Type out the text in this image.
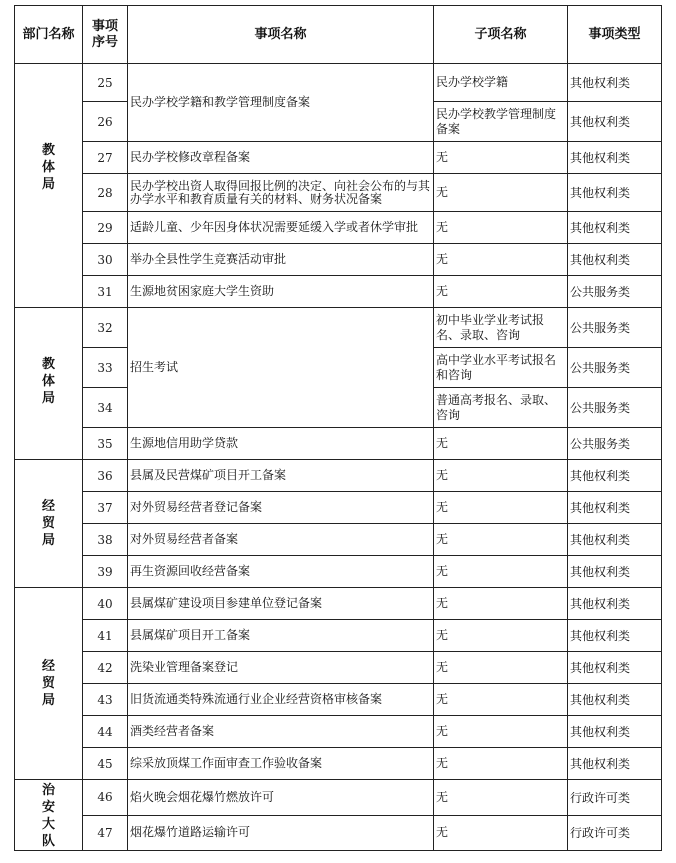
部门名称	事项序号	事项名称	子项名称	事项类型
教体局	25	民办学校学籍和教学管理制度备案	民办学校学籍	其他权利类
	26		民办学校教学管理制度备案	其他权利类
	27	民办学校修改章程备案	无	其他权利类
	28	民办学校出资人取得回报比例的决定、向社会公布的与其办学水平和教育质量有关的材料、财务状况备案	无	其他权利类
	29	适龄儿童、少年因身体状况需要延缓入学或者休学审批	无	其他权利类
	30	举办全县性学生竞赛活动审批	无	其他权利类
	31	生源地贫困家庭大学生资助	无	公共服务类
教体局	32	招生考试	初中毕业学业考试报名、录取、咨询	公共服务类
	33		高中学业水平考试报名和咨询	公共服务类
	34		普通高考报名、录取、咨询	公共服务类
	35	生源地信用助学贷款	无	公共服务类
经贸局	36	县属及民营煤矿项目开工备案	无	其他权利类
	37	对外贸易经营者登记备案	无	其他权利类
	38	对外贸易经营者备案	无	其他权利类
	39	再生资源回收经营备案	无	其他权利类
经贸局	40	县属煤矿建设项目参建单位登记备案	无	其他权利类
	41	县属煤矿项目开工备案	无	其他权利类
	42	洗染业管理备案登记	无	其他权利类
	43	旧货流通类特殊流通行业企业经营资格审核备案	无	其他权利类
	44	酒类经营者备案	无	其他权利类
	45	综采放顶煤工作面审查工作验收备案	无	其他权利类
治安大队	46	焰火晚会烟花爆竹燃放许可	无	行政许可类
	47	烟花爆竹道路运输许可	无	行政许可类
